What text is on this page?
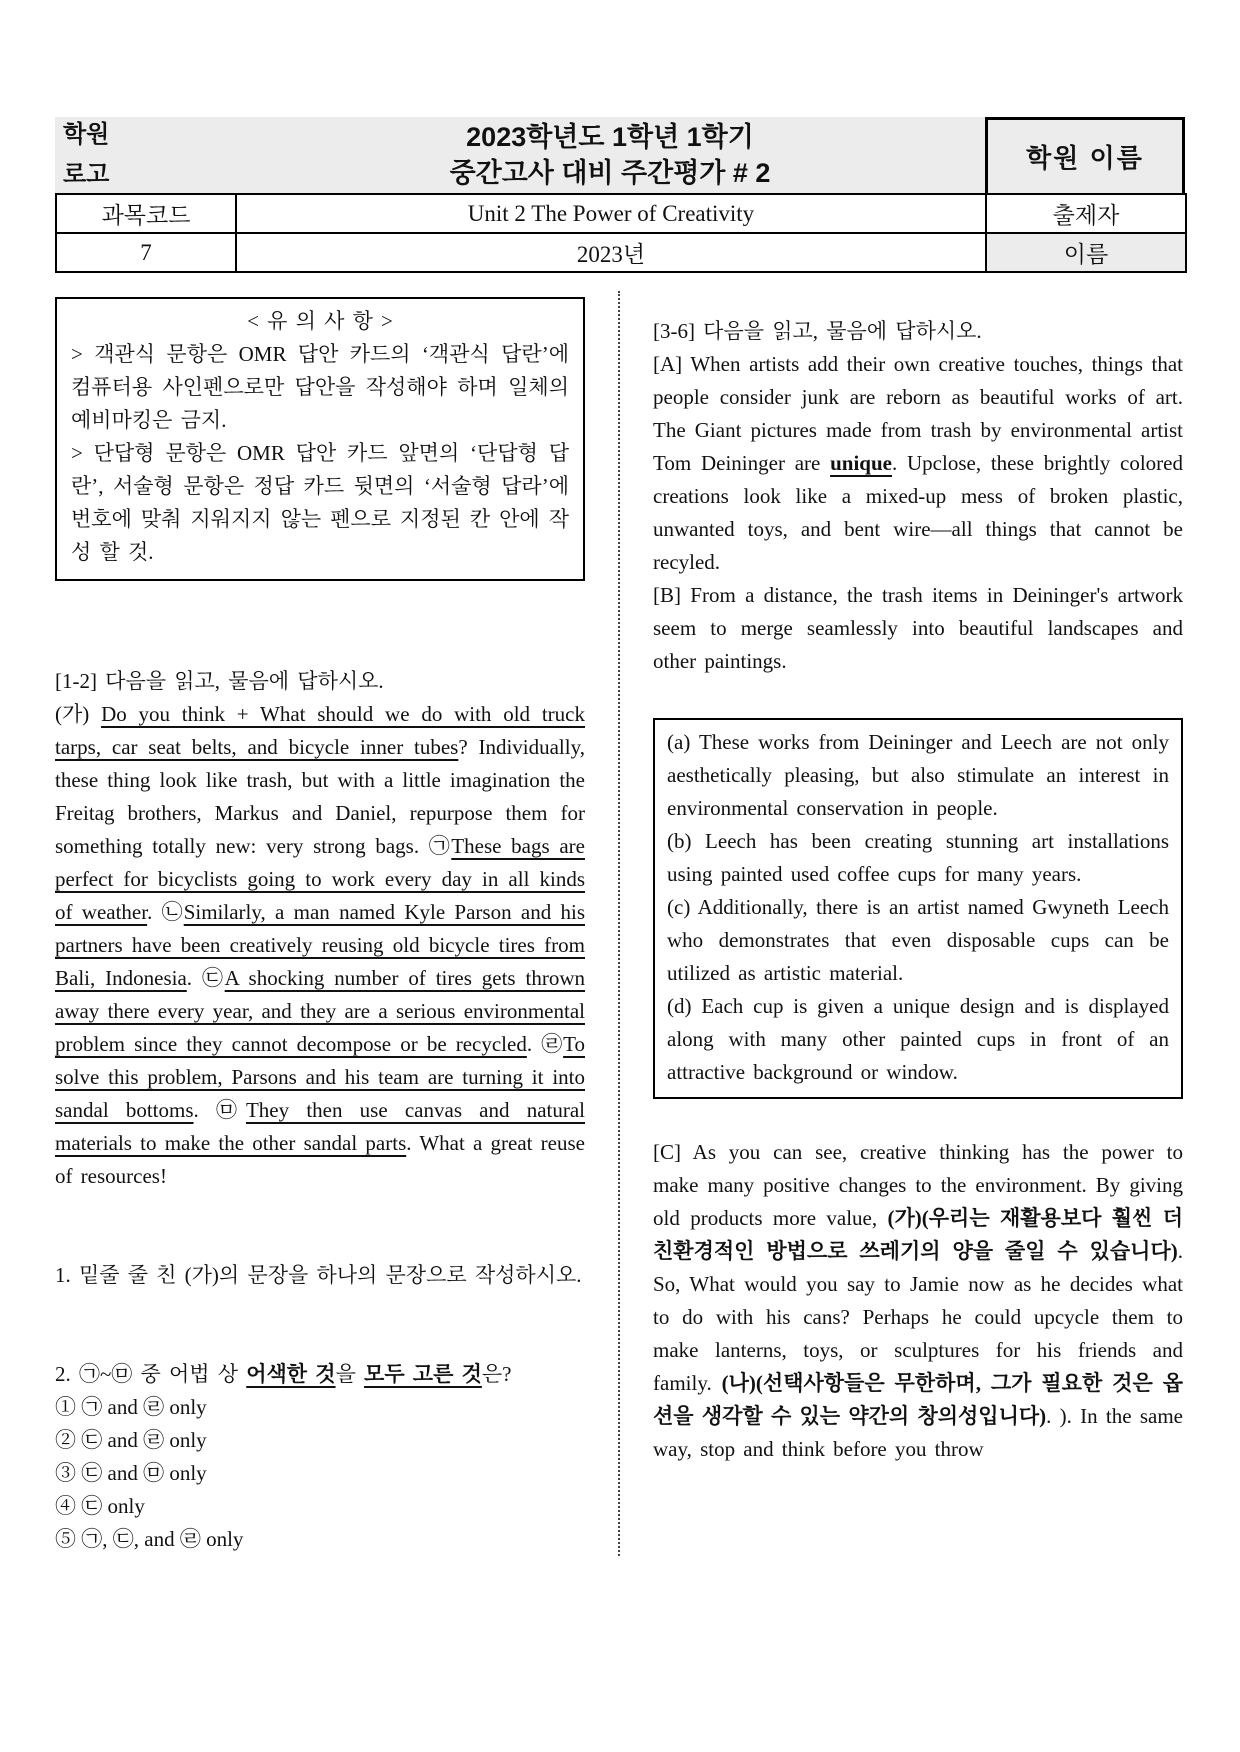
학원
로고
2023학년도 1학년 1학기
중간고사 대비 주간평가 # 2	학원 이름
과목코드	Unit 2 The Power of Creativity	출제자
7	2023년	이름
< 유 의 사 항 >
> 객관식 문항은 OMR 답안 카드의 ‘객관식 답란’에 컴퓨터용 사인펜으로만 답안을 작성해야 하며 일체의 예비마킹은 금지.
> 단답형 문항은 OMR 답안 카드 앞면의 ‘단답형 답란’, 서술형 문항은 정답 카드 뒷면의 ‘서술형 답라’에 번호에 맞춰 지워지지 않는 펜으로 지정된 칸 안에 작성 할 것.
[1-2] 다음을 읽고, 물음에 답하시오.
(가) Do you think + What should we do with old truck tarps, car seat belts, and bicycle inner tubes? Individually, these thing look like trash, but with a little imagination the Freitag brothers, Markus and Daniel, repurpose them for something totally new: very strong bags. ㉠These bags are perfect for bicyclists going to work every day in all kinds of weather. ㉡Similarly, a man named Kyle Parson and his partners have been creatively reusing old bicycle tires from Bali, Indonesia. ㉢A shocking number of tires gets thrown away there every year, and they are a serious environmental problem since they cannot decompose or be recycled. ㉣To solve this problem, Parsons and his team are turning it into sandal bottoms. ㉤They then use canvas and natural materials to make the other sandal parts. What a great reuse of resources!
1. 밑줄 줄 친 (가)의 문장을 하나의 문장으로 작성하시오.
2. ㉠~㉤ 중 어법 상 어색한 것을 모두 고른 것은?
① ㉠ and ㉣ only
② ㉢ and ㉣ only
③ ㉢ and ㉤ only
④ ㉢ only
⑤ ㉠, ㉢, and ㉣ only
[3-6] 다음을 읽고, 물음에 답하시오.
[A] When artists add their own creative touches, things that people consider junk are reborn as beautiful works of art. The Giant pictures made from trash by environmental artist Tom Deininger are unique. Upclose, these brightly colored creations look like a mixed-up mess of broken plastic, unwanted toys, and bent wire―all things that cannot be recyled.
[B] From a distance, the trash items in Deininger's artwork seem to merge seamlessly into beautiful landscapes and other paintings.
(a) These works from Deininger and Leech are not only aesthetically pleasing, but also stimulate an interest in environmental conservation in people.
(b) Leech has been creating stunning art installations using painted used coffee cups for many years.
(c) Additionally, there is an artist named Gwyneth Leech who demonstrates that even disposable cups can be utilized as artistic material.
(d) Each cup is given a unique design and is displayed along with many other painted cups in front of an attractive background or window.
[C] As you can see, creative thinking has the power to make many positive changes to the environment. By giving old products more value, (가)(우리는 재활용보다 훨씬 더 친환경적인 방법으로 쓰레기의 양을 줄일 수 있습니다). So, What would you say to Jamie now as he decides what to do with his cans? Perhaps he could upcycle them to make lanterns, toys, or sculptures for his friends and family. (나)(선택사항들은 무한하며, 그가 필요한 것은 옵션을 생각할 수 있는 약간의 창의성입니다). ). In the same way, stop and think before you throw
